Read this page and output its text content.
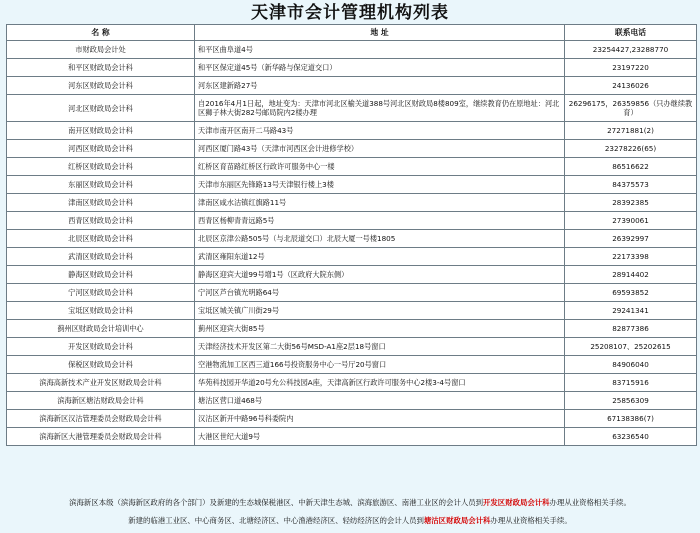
天津市会计管理机构列表
名 称	地 址	联系电话
市财政局会计处	和平区曲阜道4号	23254427,23288770
和平区财政局会计科	和平区保定道45号（新华路与保定道交口）	23197220
河东区财政局会计科	河东区建新路27号	24136026
河北区财政局会计科	自2016年4月1日起，地址变为：天津市河北区榆关道388号河北区财政局8楼809室，继续教育仍在原地址：河北区狮子林大街282号邮局院内2楼办理	26296175，26359856（只办继续教育）
南开区财政局会计科	天津市南开区南开二马路43号	27271881(2)
河西区财政局会计科	河西区厦门路43号（天津市河西区会计进修学校）	23278226(65)
红桥区财政局会计科	红桥区育苗路红桥区行政许可服务中心一楼	86516622
东丽区财政局会计科	天津市东丽区先锋路13号天津银行楼上3楼	84375573
津南区财政局会计科	津南区咸水沽镇红旗路11号	28392385
西青区财政局会计科	西青区杨柳青青远路5号	27390061
北辰区财政局会计科	北辰区京津公路505号（与北辰道交口）北辰大厦一号楼1805	26392997
武清区财政局会计科	武清区雍阳东道12号	22173398
静海区财政局会计科	静海区迎宾大道99号增1号（区政府大院东侧）	28914402
宁河区财政局会计科	宁河区芦台镇光明路64号	69593852
宝坻区财政局会计科	宝坻区城关镇广川街29号	29241341
蓟州区财政局会计培训中心	蓟州区迎宾大街85号	82877386
开发区财政局会计科	天津经济技术开发区第二大街56号MSD-A1座2层18号窗口	25208107、25202615
保税区财政局会计科	空港物流加工区西三道166号投资服务中心一号厅20号窗口	84906040
滨海高新技术产业开发区财政局会计科	华苑科技园开华道20号允公科技园A座，天津高新区行政许可服务中心2楼3-4号窗口	83715916
滨海新区塘沽财政局会计科	塘沽区营口道468号	25856309
滨海新区汉沽管理委员会财政局会计科	汉沽区新开中路96号科委院内	67138386(7)
滨海新区大港管理委员会财政局会计科	大港区世纪大道9号	63236540
滨海新区本级（滨海新区政府的各个部门）及新建的生态城保税港区、中新天津生态城、滨海旅游区、南港工业区的会计人员到开发区财政局会计科办理从业资格相关手续。
新建的临港工业区、中心商务区、北塘经济区、中心渔港经济区、轻纺经济区的会计人员到塘沽区财政局会计科办理从业资格相关手续。
